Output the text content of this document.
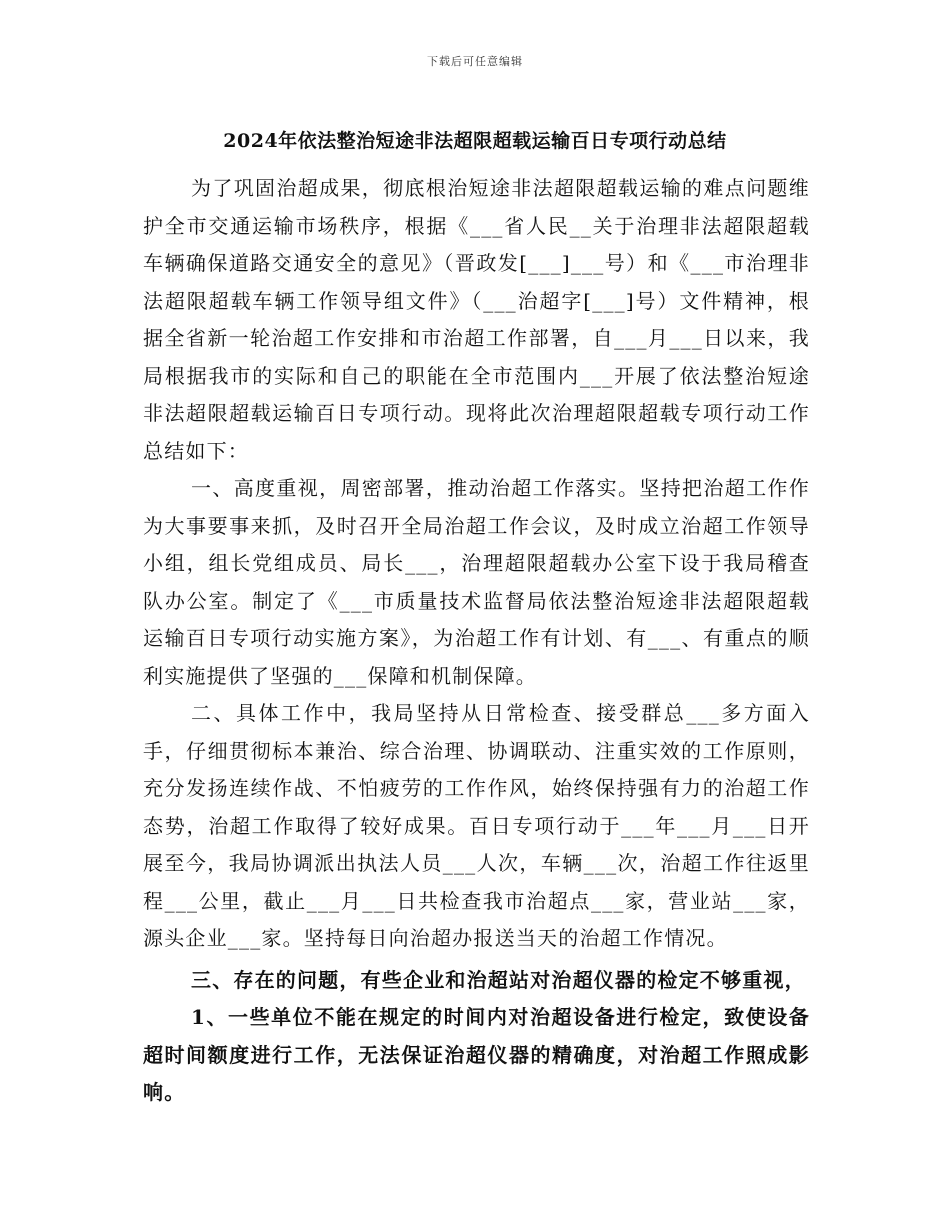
下载后可任意编辑
2024年依法整治短途非法超限超载运输百日专项行动总结

为了巩固治超成果，彻底根治短途非法超限超载运输的难点问题维护全市交通运输市场秩序，根据《___省人民__关于治理非法超限超载车辆确保道路交通安全的意见》（晋政发[___]___号）和《___市治理非法超限超载车辆工作领导组文件》（___治超字[___]号）文件精神，根据全省新一轮治超工作安排和市治超工作部署，自___月___日以来，我局根据我市的实际和自己的职能在全市范围内___开展了依法整治短途非法超限超载运输百日专项行动。现将此次治理超限超载专项行动工作总结如下：

一、高度重视，周密部署，推动治超工作落实。坚持把治超工作作为大事要事来抓，及时召开全局治超工作会议，及时成立治超工作领导小组，组长党组成员、局长___，治理超限超载办公室下设于我局稽查队办公室。制定了《___市质量技术监督局依法整治短途非法超限超载运输百日专项行动实施方案》，为治超工作有计划、有___、有重点的顺利实施提供了坚强的___保障和机制保障。

二、具体工作中，我局坚持从日常检查、接受群总___多方面入手，仔细贯彻标本兼治、综合治理、协调联动、注重实效的工作原则，充分发扬连续作战、不怕疲劳的工作作风，始终保持强有力的治超工作态势，治超工作取得了较好成果。百日专项行动于___年___月___日开展至今，我局协调派出执法人员___人次，车辆___次，治超工作往返里程___公里，截止___月___日共检查我市治超点___家，营业站___家，源头企业___家。坚持每日向治超办报送当天的治超工作情况。

三、存在的问题，有些企业和治超站对治超仪器的检定不够重视，

1、一些单位不能在规定的时间内对治超设备进行检定，致使设备超时间额度进行工作，无法保证治超仪器的精确度，对治超工作照成影响。
